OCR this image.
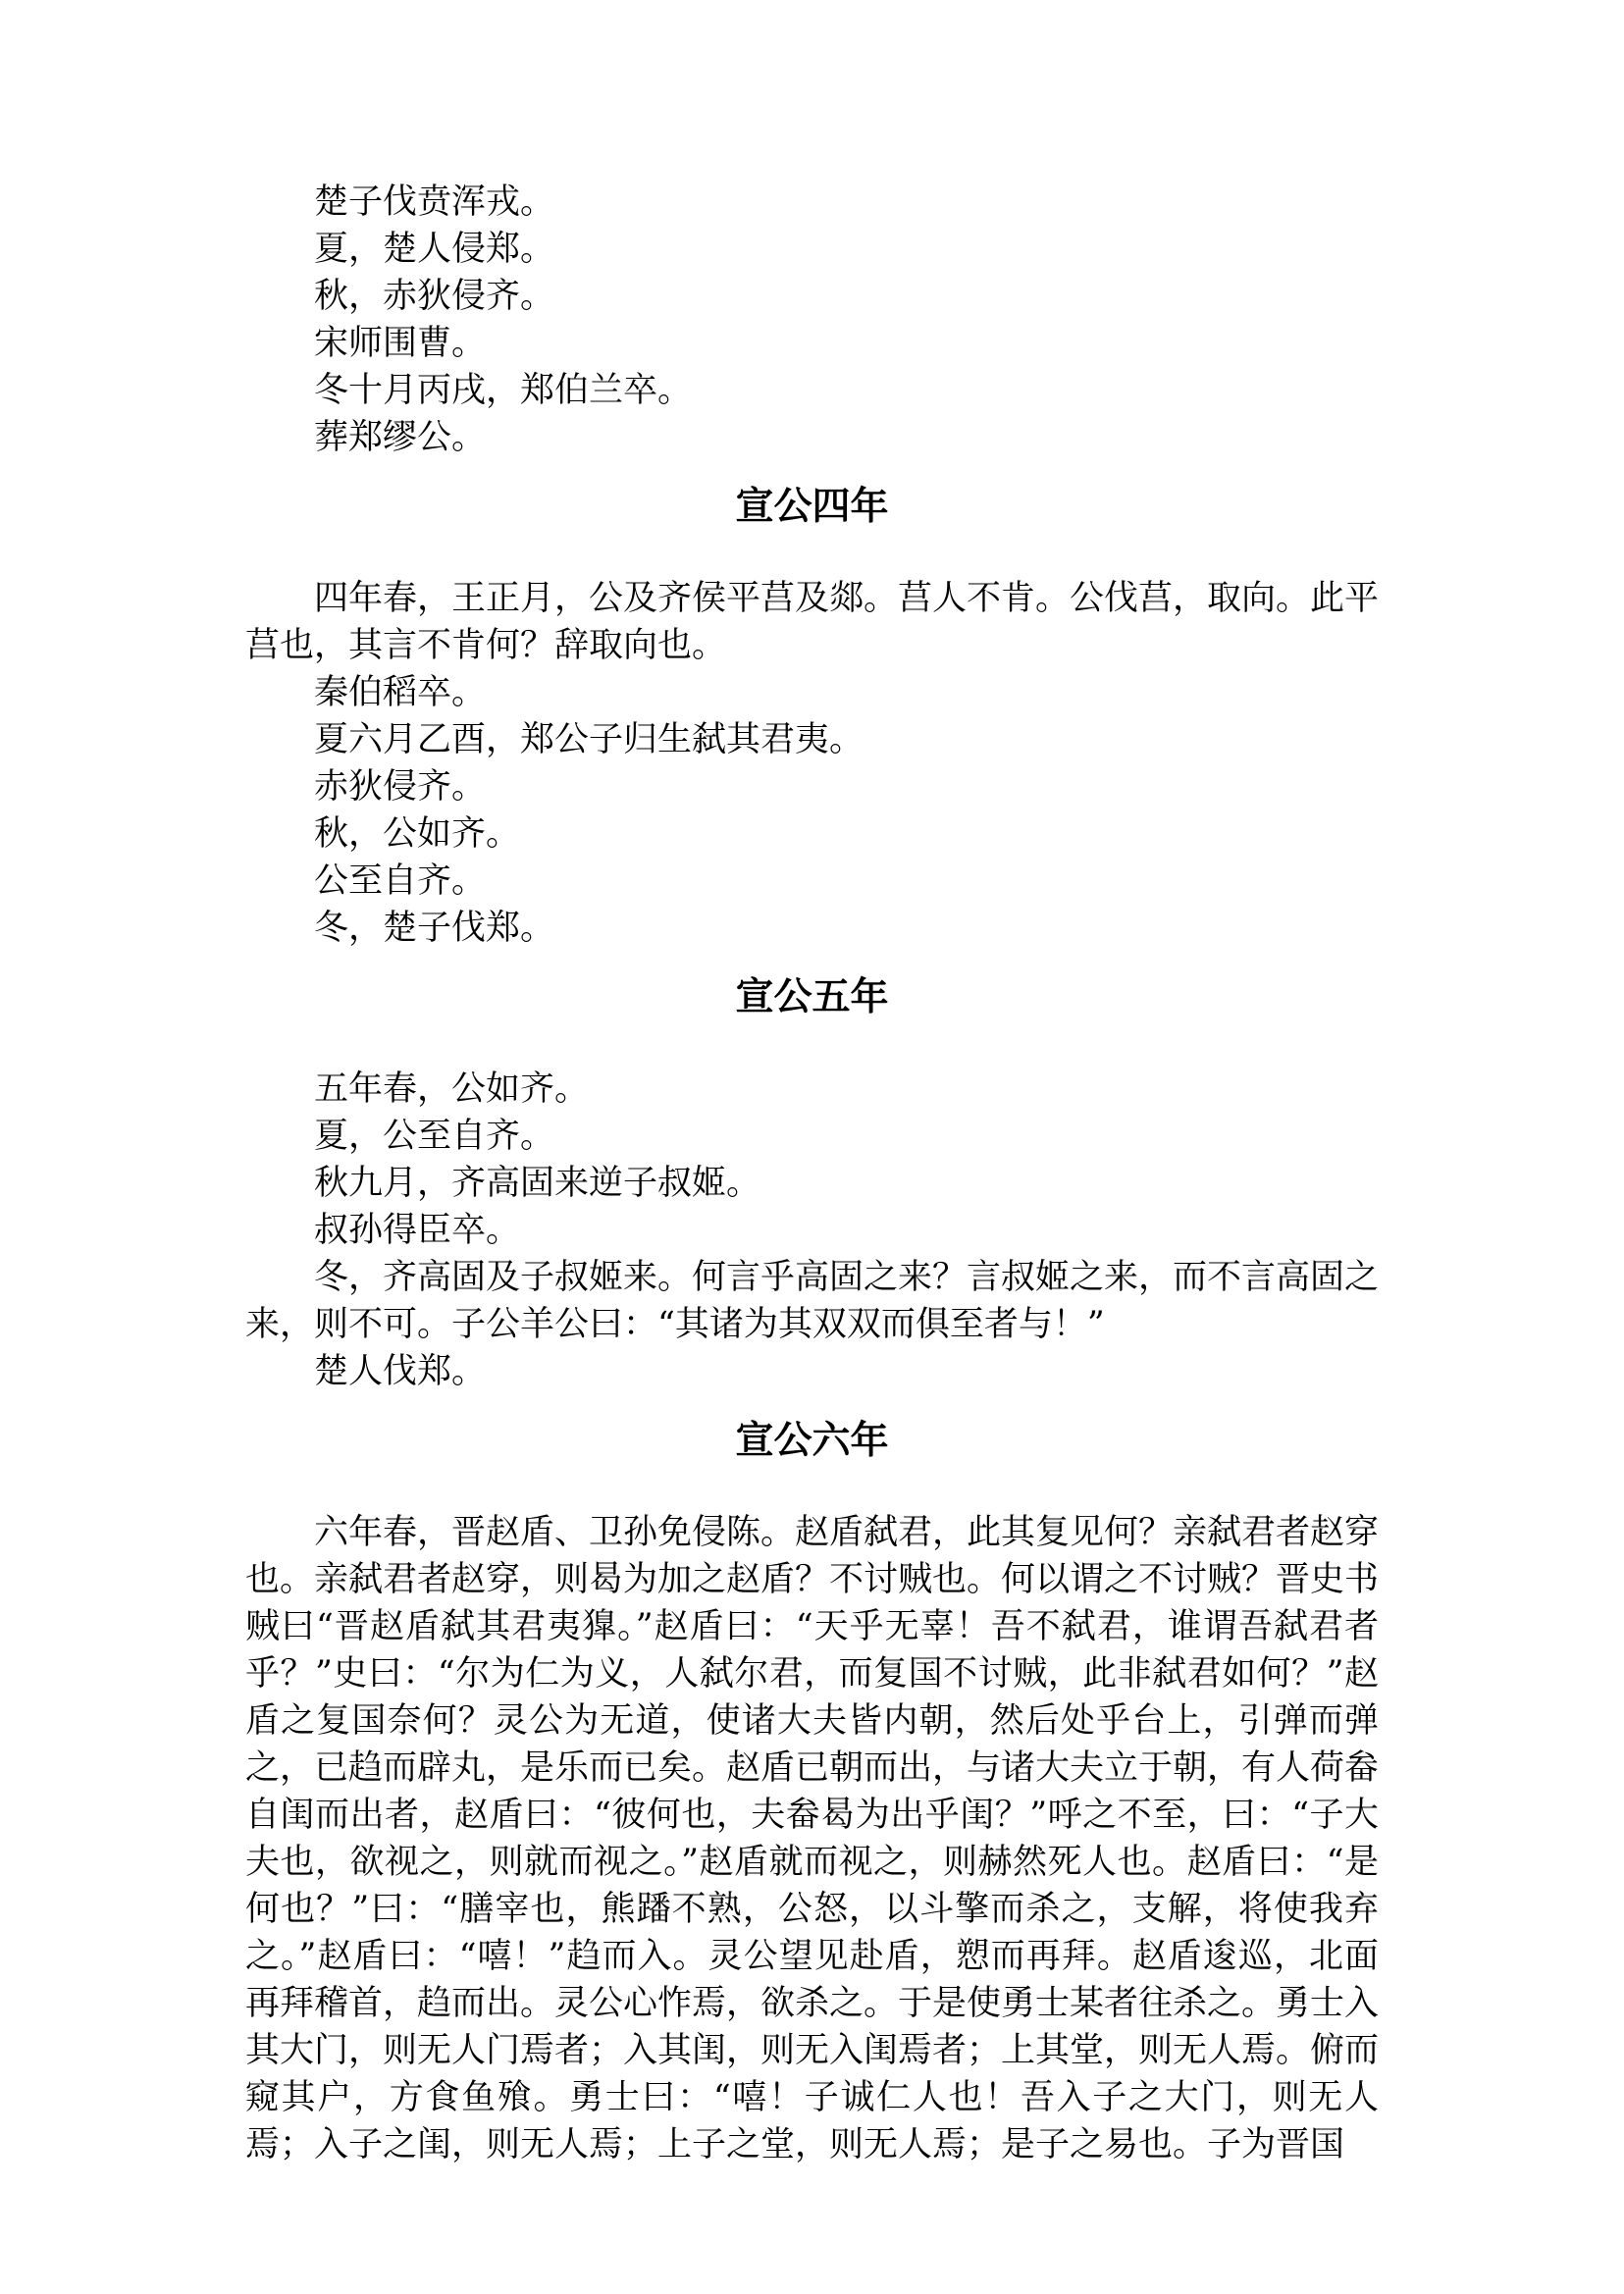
楚子伐贲浑戎。

夏，楚人侵郑。

秋，赤狄侵齐。

宋师围曹。

冬十月丙戌，郑伯兰卒。

葬郑缪公。

宣公四年

四年春，王正月，公及齐侯平莒及郯。莒人不肯。公伐莒，取向。此平莒也，其言不肯何？辞取向也。

秦伯稻卒。

夏六月乙酉，郑公子归生弑其君夷。

赤狄侵齐。

秋，公如齐。

公至自齐。

冬，楚子伐郑。

宣公五年

五年春，公如齐。

夏，公至自齐。

秋九月，齐高固来逆子叔姬。

叔孙得臣卒。

冬，齐高固及子叔姬来。何言乎高固之来？言叔姬之来，而不言高固之来，则不可。子公羊公曰：“其诸为其双双而俱至者与！”

楚人伐郑。

宣公六年

六年春，晋赵盾、卫孙免侵陈。赵盾弑君，此其复见何？亲弑君者赵穿也。亲弑君者赵穿，则曷为加之赵盾？不讨贼也。何以谓之不讨贼？晋史书贼曰“晋赵盾弑其君夷獋。”赵盾曰：“天乎无辜！吾不弑君，谁谓吾弑君者乎？”史曰：“尔为仁为义，人弑尔君，而复国不讨贼，此非弑君如何？”赵盾之复国奈何？灵公为无道，使诸大夫皆内朝，然后处乎台上，引弹而弹之，已趋而辟丸，是乐而已矣。赵盾已朝而出，与诸大夫立于朝，有人荷畚自闺而出者，赵盾曰：“彼何也，夫畚曷为出乎闺？”呼之不至，曰：“子大夫也，欲视之，则就而视之。”赵盾就而视之，则赫然死人也。赵盾曰：“是何也？”曰：“膳宰也，熊蹯不熟，公怒，以斗擎而杀之，支解，将使我弃之。”赵盾曰：“嘻！”趋而入。灵公望见赴盾，愬而再拜。赵盾逡巡，北面再拜稽首，趋而出。灵公心怍焉，欲杀之。于是使勇士某者往杀之。勇士入其大门，则无人门焉者；入其闺，则无入闺焉者；上其堂，则无人焉。俯而窥其户，方食鱼飱。勇士曰：“嘻！子诚仁人也！吾入子之大门，则无人焉；入子之闺，则无人焉；上子之堂，则无人焉；是子之易也。子为晋国
